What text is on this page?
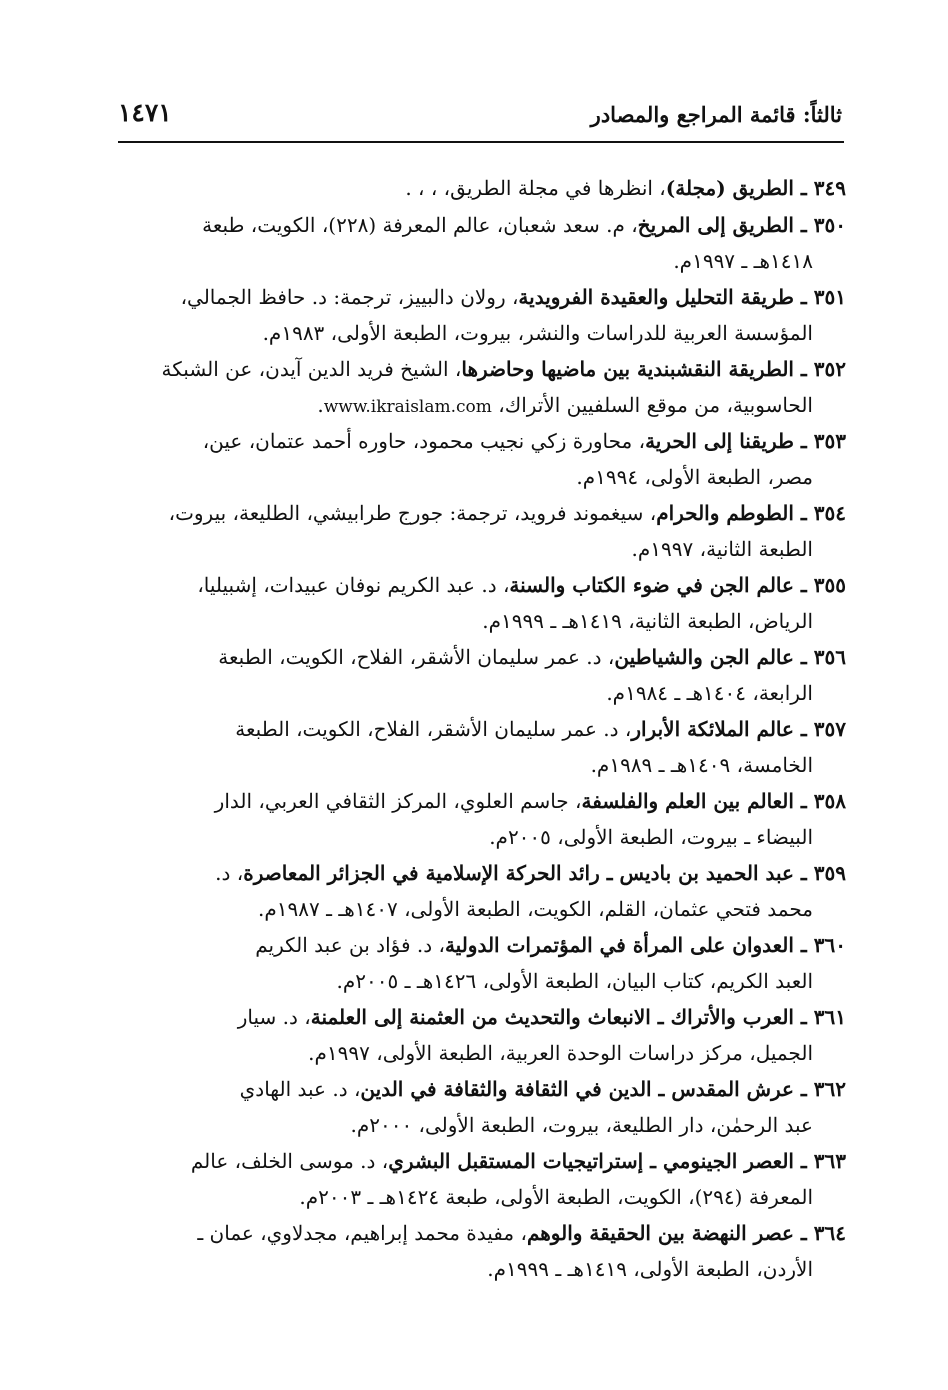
ثالثاً: قائمة المراجع والمصادر
١٤٧١
٣٤٩ ـ الطريق (مجلة)، انظرها في مجلة الطريق، ، ، .
٣٥٠ ـ الطريق إلى المريخ، م. سعد شعبان، عالم المعرفة (٢٢٨)، الكويت، طبعة
١٤١٨هـ ـ ١٩٩٧م.
٣٥١ ـ طريقة التحليل والعقيدة الفرويدية، رولان دالبييز، ترجمة: د. حافظ الجمالي،
المؤسسة العربية للدراسات والنشر، بيروت، الطبعة الأولى، ١٩٨٣م.
٣٥٢ ـ الطريقة النقشبندية بين ماضيها وحاضرها، الشيخ فريد الدين آيدن، عن الشبكة
الحاسوبية، من موقع السلفيين الأتراك، www.ikraislam.com.
٣٥٣ ـ طريقنا إلى الحرية، محاورة زكي نجيب محمود، حاوره أحمد عتمان، عين،
مصر، الطبعة الأولى، ١٩٩٤م.
٣٥٤ ـ الطوطم والحرام، سيغموند فرويد، ترجمة: جورج طرابيشي، الطليعة، بيروت،
الطبعة الثانية، ١٩٩٧م.
٣٥٥ ـ عالم الجن في ضوء الكتاب والسنة، د. عبد الكريم نوفان عبيدات، إشبيليا،
الرياض، الطبعة الثانية، ١٤١٩هـ ـ ١٩٩٩م.
٣٥٦ ـ عالم الجن والشياطين، د. عمر سليمان الأشقر، الفلاح، الكويت، الطبعة
الرابعة، ١٤٠٤هـ ـ ١٩٨٤م.
٣٥٧ ـ عالم الملائكة الأبرار، د. عمر سليمان الأشقر، الفلاح، الكويت، الطبعة
الخامسة، ١٤٠٩هـ ـ ١٩٨٩م.
٣٥٨ ـ العالم بين العلم والفلسفة، جاسم العلوي، المركز الثقافي العربي، الدار
البيضاء ـ بيروت، الطبعة الأولى، ٢٠٠٥م.
٣٥٩ ـ عبد الحميد بن باديس ـ رائد الحركة الإسلامية في الجزائر المعاصرة، د.
محمد فتحي عثمان، القلم، الكويت، الطبعة الأولى، ١٤٠٧هـ ـ ١٩٨٧م.
٣٦٠ ـ العدوان على المرأة في المؤتمرات الدولية، د. فؤاد بن عبد الكريم
العبد الكريم، كتاب البيان، الطبعة الأولى، ١٤٢٦هـ ـ ٢٠٠٥م.
٣٦١ ـ العرب والأتراك ـ الانبعاث والتحديث من العثمنة إلى العلمنة، د. سيار
الجميل، مركز دراسات الوحدة العربية، الطبعة الأولى، ١٩٩٧م.
٣٦٢ ـ عرش المقدس ـ الدين في الثقافة والثقافة في الدين، د. عبد الهادي
عبد الرحمٰن، دار الطليعة، بيروت، الطبعة الأولى، ٢٠٠٠م.
٣٦٣ ـ العصر الجينومي ـ إستراتيجيات المستقبل البشري، د. موسى الخلف، عالم
المعرفة (٢٩٤)، الكويت، الطبعة الأولى، طبعة ١٤٢٤هـ ـ ٢٠٠٣م.
٣٦٤ ـ عصر النهضة بين الحقيقة والوهم، مفيدة محمد إبراهيم، مجدلاوي، عمان ـ
الأردن، الطبعة الأولى، ١٤١٩هـ ـ ١٩٩٩م.
